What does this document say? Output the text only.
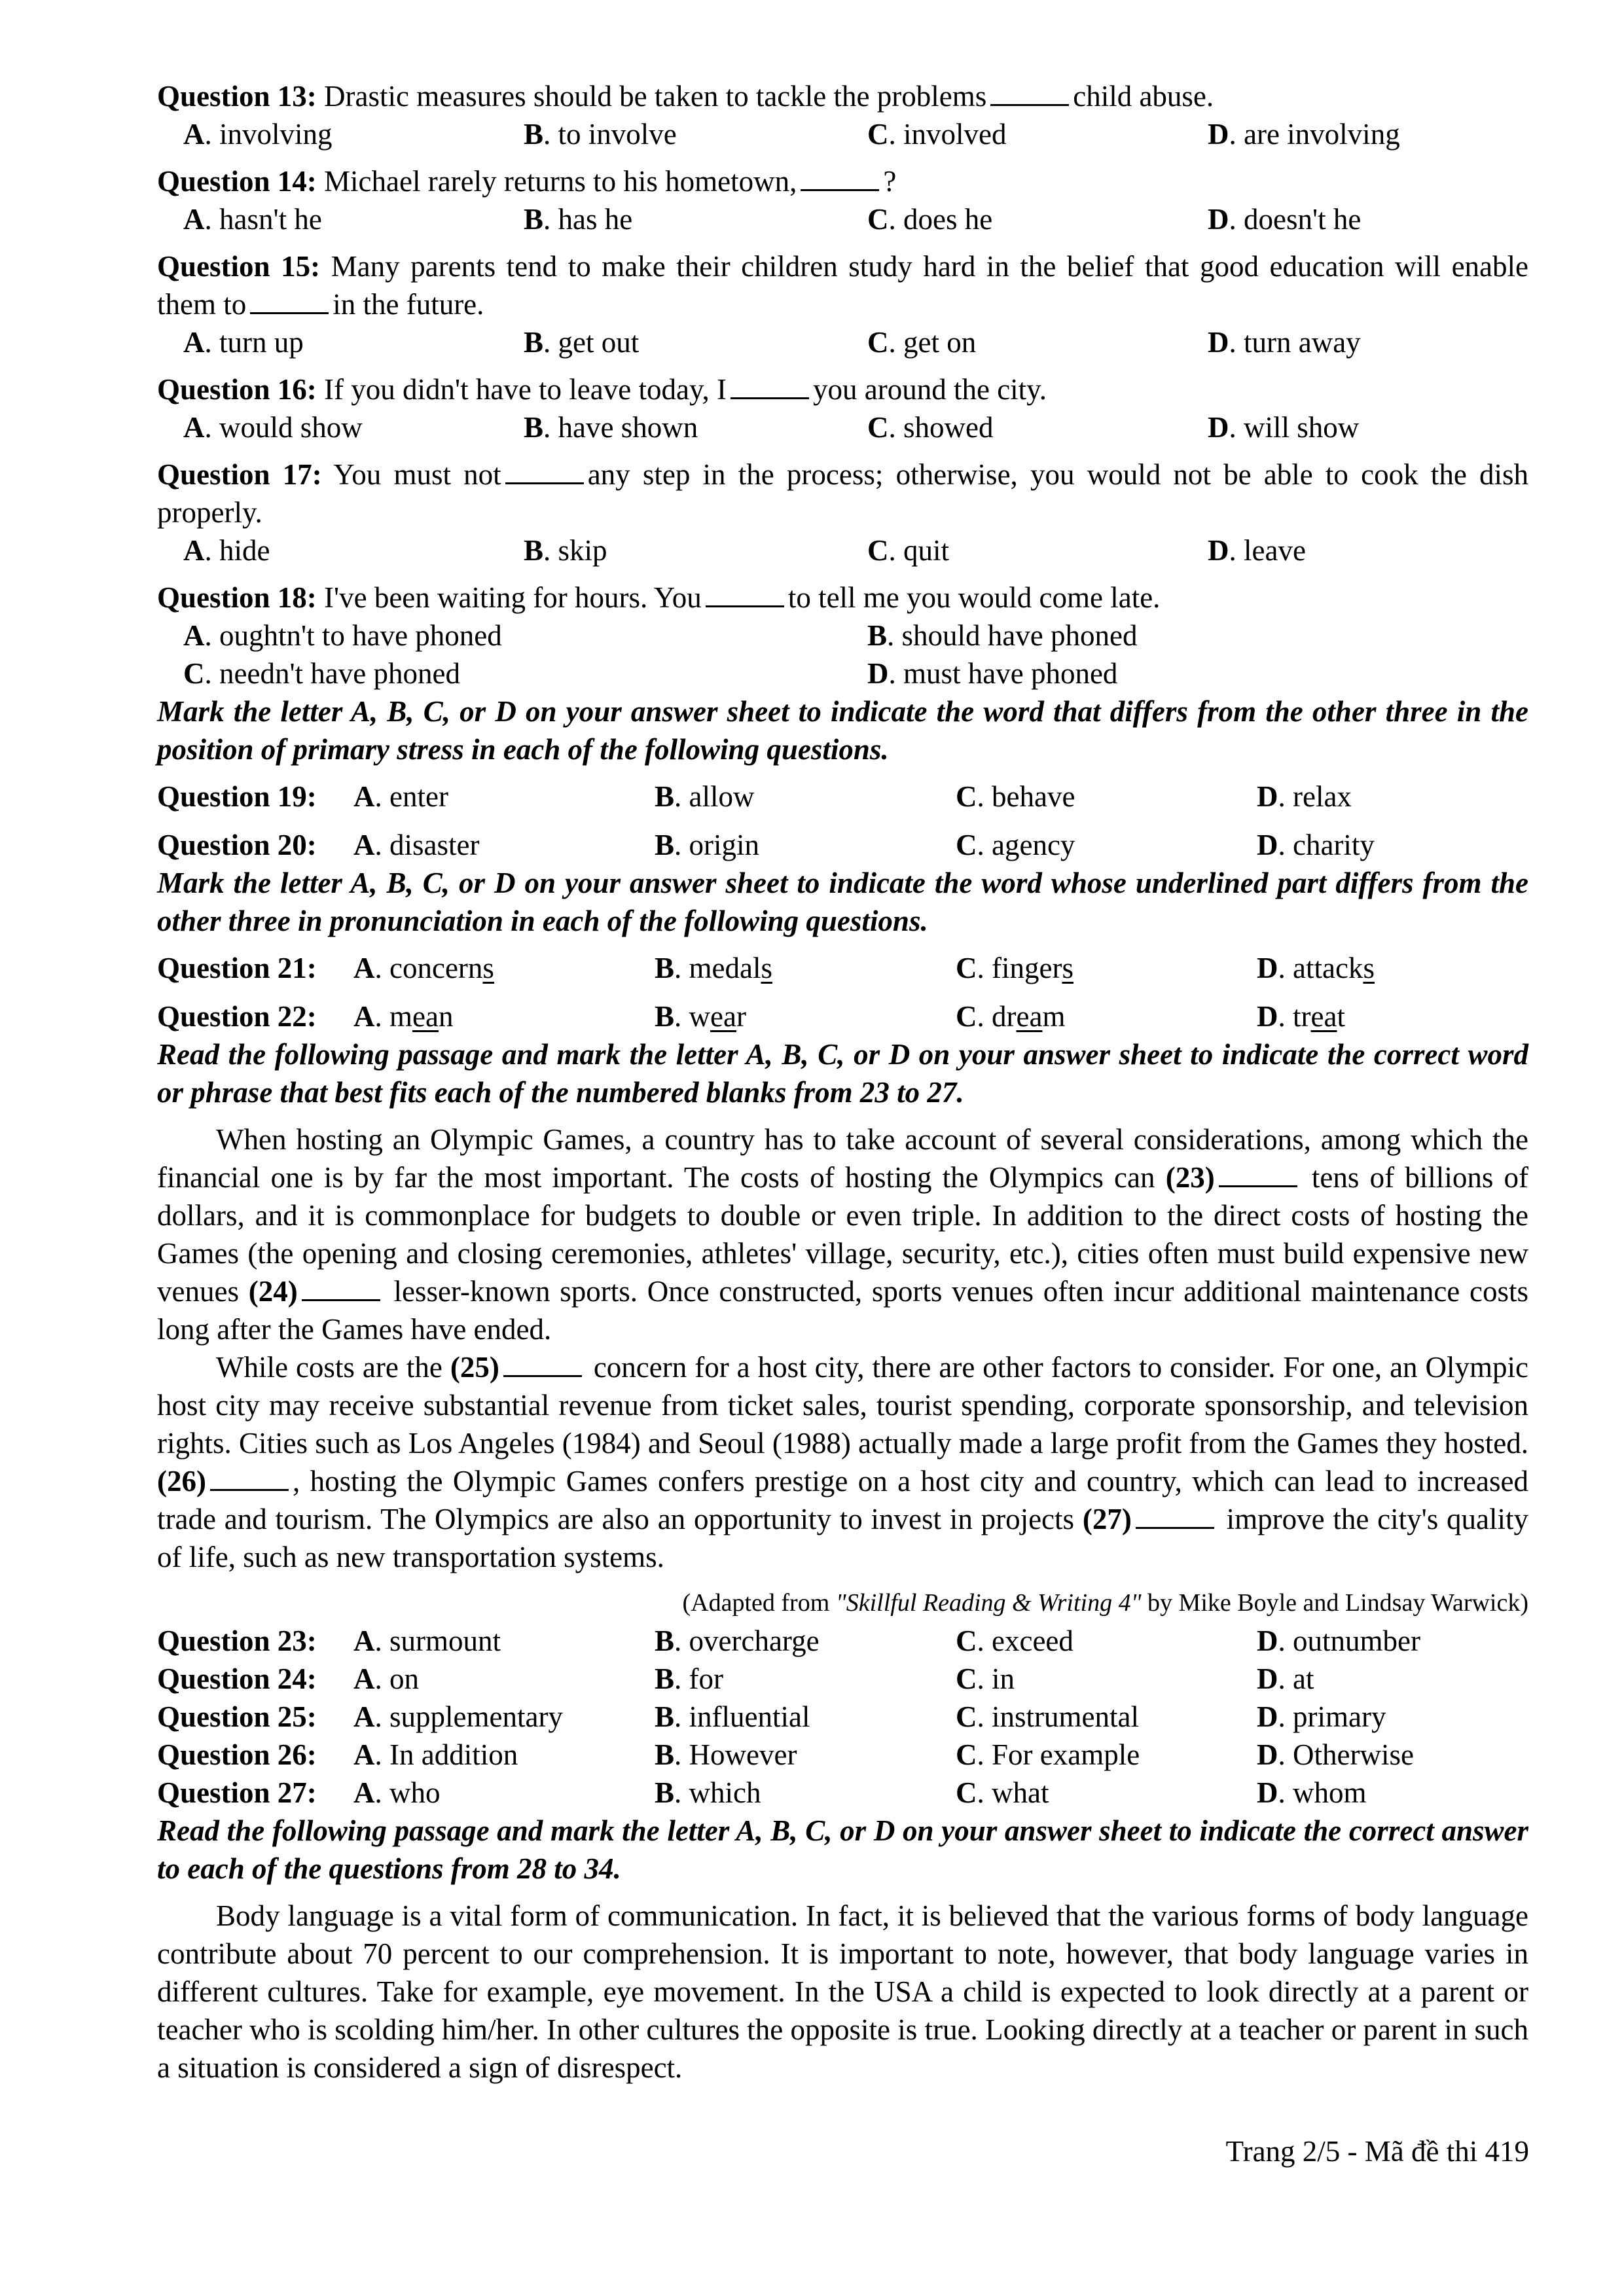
Question 13: Drastic measures should be taken to tackle the problems	child abuse.

A. involving	B. to involve	C. involved	D. are involving

Question 14: Michael rarely returns to his hometown,	?

A. hasn't he	B. has he	C. does he	D. doesn't he

Question 15: Many parents tend to make their children study hard in the belief that good education will enable them to	in the future.

A. turn up	B. get out	C. get on	D. turn away

Question 16: If you didn't have to leave today, I	you around the city.

A. would show	B. have shown	C. showed	D. will show

Question 17: You must not	any step in the process; otherwise, you would not be able to cook the dish properly.

A. hide	B. skip	C. quit	D. leave

Question 18: I've been waiting for hours. You	to tell me you would come late.

A. oughtn't to have phoned	B. should have phoned
C. needn't have phoned	D. must have phoned

Mark the letter A, B, C, or D on your answer sheet to indicate the word that differs from the other three in the position of primary stress in each of the following questions.

Question 19:	A. enter	B. allow	C. behave	D. relax
Question 20:	A. disaster	B. origin	C. agency	D. charity

Mark the letter A, B, C, or D on your answer sheet to indicate the word whose underlined part differs from the other three in pronunciation in each of the following questions.

Question 21:	A. concerns	B. medals	C. fingers	D. attacks
Question 22:	A. mean	B. wear	C. dream	D. treat

Read the following passage and mark the letter A, B, C, or D on your answer sheet to indicate the correct word or phrase that best fits each of the numbered blanks from 23 to 27.

When hosting an Olympic Games, a country has to take account of several considerations, among which the financial one is by far the most important. The costs of hosting the Olympics can (23)	tens of billions of dollars, and it is commonplace for budgets to double or even triple. In addition to the direct costs of hosting the Games (the opening and closing ceremonies, athletes' village, security, etc.), cities often must build expensive new venues (24)	lesser-known sports. Once constructed, sports venues often incur additional maintenance costs long after the Games have ended.

While costs are the (25)	concern for a host city, there are other factors to consider. For one, an Olympic host city may receive substantial revenue from ticket sales, tourist spending, corporate sponsorship, and television rights. Cities such as Los Angeles (1984) and Seoul (1988) actually made a large profit from the Games they hosted. (26)	, hosting the Olympic Games confers prestige on a host city and country, which can lead to increased trade and tourism. The Olympics are also an opportunity to invest in projects (27)	improve the city's quality of life, such as new transportation systems.

(Adapted from "Skillful Reading & Writing 4" by Mike Boyle and Lindsay Warwick)
Question 23:	A. surmount	B. overcharge	C. exceed	D. outnumber
Question 24:	A. on	B. for	C. in	D. at
Question 25:	A. supplementary	B. influential	C. instrumental	D. primary
Question 26:	A. In addition	B. However	C. For example	D. Otherwise
Question 27:	A. who	B. which	C. what	D. whom

Read the following passage and mark the letter A, B, C, or D on your answer sheet to indicate the correct answer to each of the questions from 28 to 34.

Body language is a vital form of communication. In fact, it is believed that the various forms of body language contribute about 70 percent to our comprehension. It is important to note, however, that body language varies in different cultures. Take for example, eye movement. In the USA a child is expected to look directly at a parent or teacher who is scolding him/her. In other cultures the opposite is true. Looking directly at a teacher or parent in such a situation is considered a sign of disrespect.

Trang 2/5 - Mã đề thi 419
